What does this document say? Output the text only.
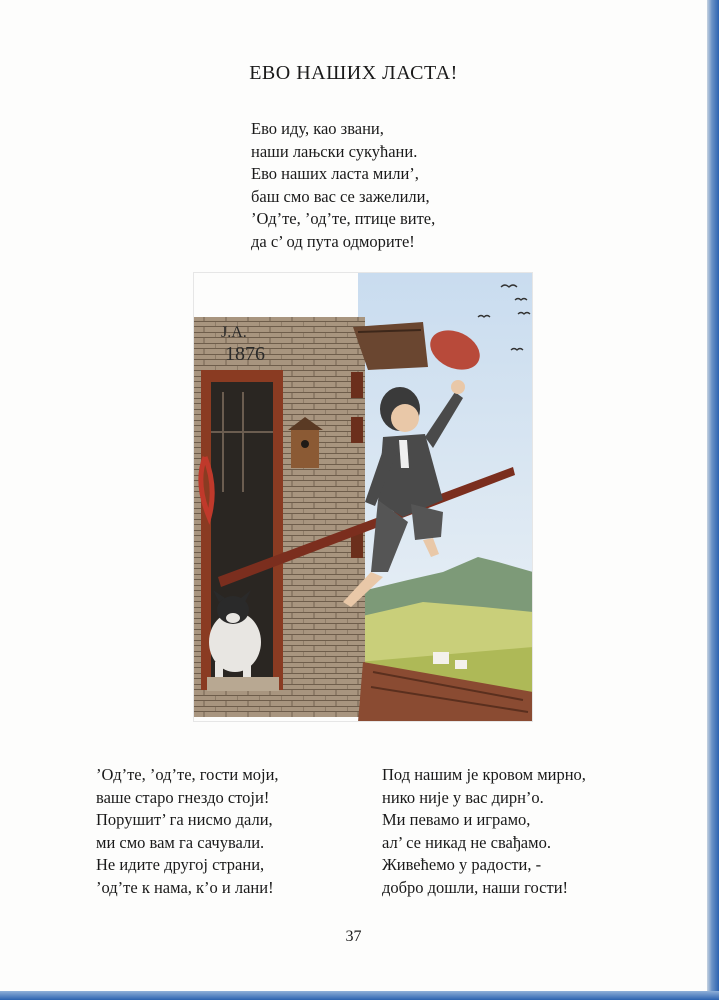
ЕВО НАШИХ ЛАСТА!
Ево иду, као звани,
наши лањски сукућани.
Ево наших ласта мили’,
баш смо вас се зажелили,
’Од’те, ’од’те, птице вите,
да с’ од пута одморите!
J.A.
1876
’Од’те, ’од’те, гости моји,
ваше старо гнездо стоји!
Порушит’ га нисмо дали,
ми смо вам га сачували.
Не идите другој страни,
’од’те к нама, к’о и лани!
Под нашим је кровом мирно,
нико није у вас дирн’о.
Ми певамо и играмо,
ал’ се никад не свађамо.
Живећемо у радости, -
добро дошли, наши гости!
37
